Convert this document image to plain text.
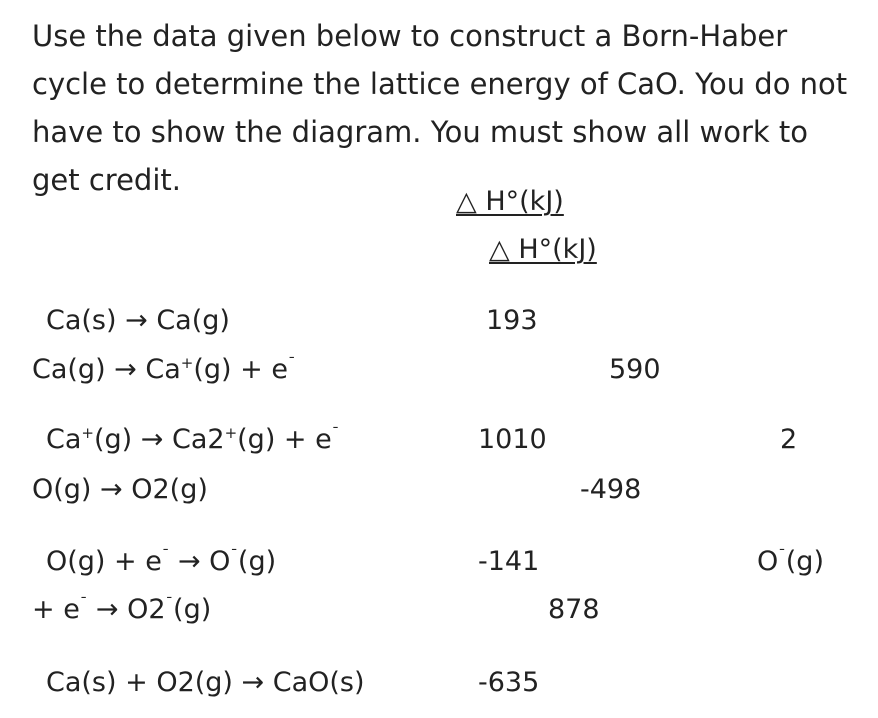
Use the data given below to construct a Born-Haber cycle to determine the lattice energy of CaO. You do not have to show the diagram. You must show all work to get credit.

△ H°(kJ)
△ H°(kJ)
Ca(s) → Ca(g)	193
Ca(g) → Ca+(g) + e¯	590
Ca+(g) → Ca2+(g) + e¯	1010	2
O(g) → O2(g)	-498
O(g) + e¯ → O¯(g)	-141	O¯(g)
+ e¯ → O2¯(g)	878
Ca(s) + O2(g) → CaO(s)	-635
